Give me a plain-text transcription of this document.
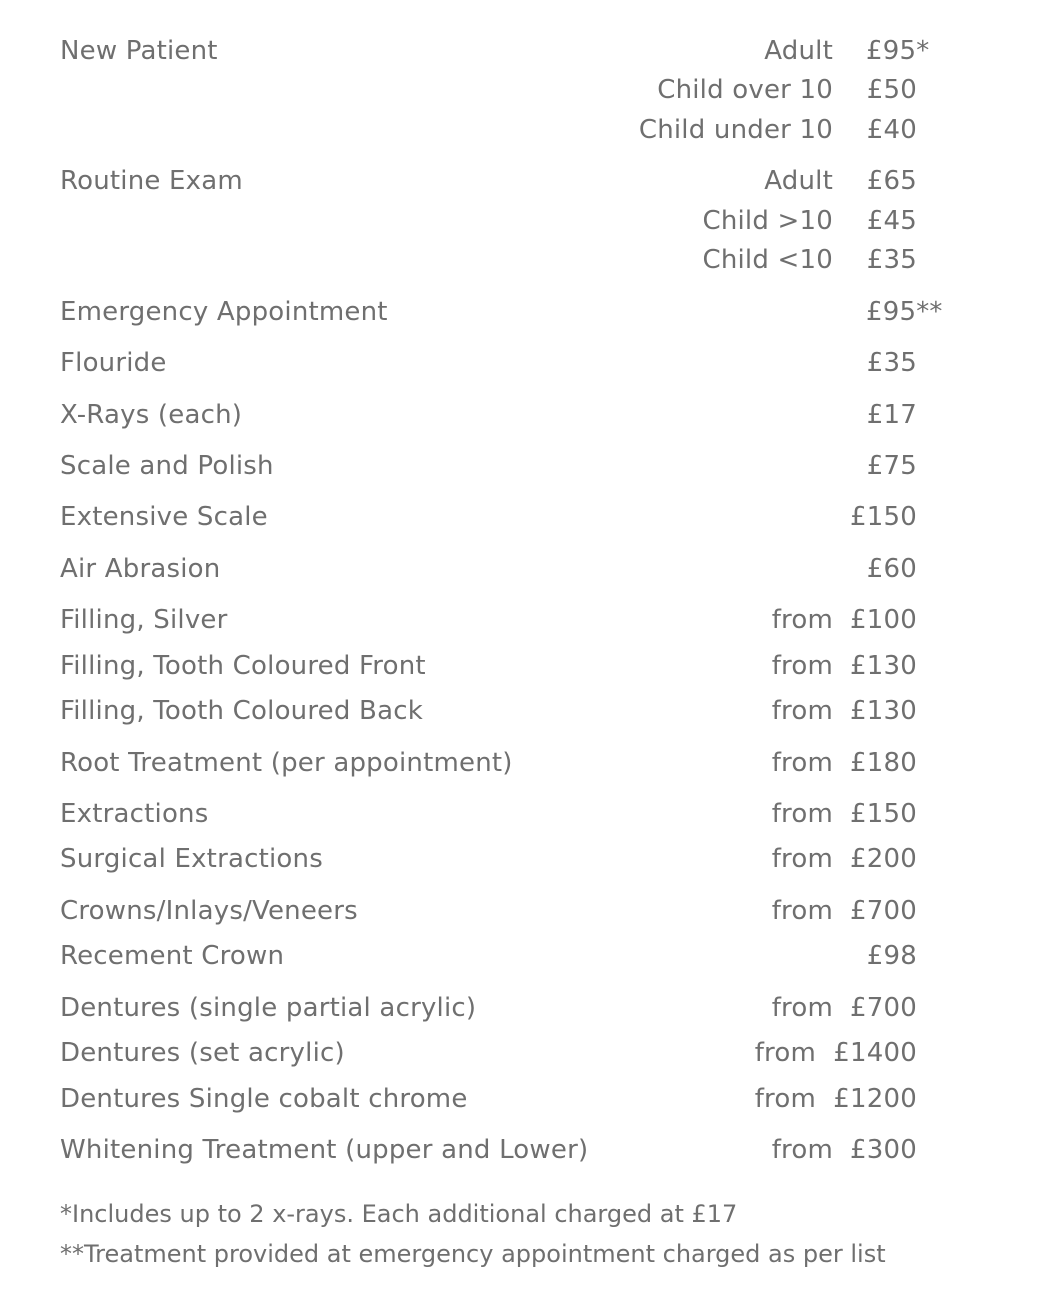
New Patient	Adult £95*
Child over 10 £50
Child under 10 £40
Routine Exam	Adult £65
Child >10 £45
Child <10 £35
Emergency Appointment	£95**
Flouride	£35
X-Rays (each)	£17
Scale and Polish	£75
Extensive Scale	£150
Air Abrasion	£60
Filling, Silver	from £100
Filling, Tooth Coloured Front	from £130
Filling, Tooth Coloured Back	from £130
Root Treatment (per appointment)	from £180
Extractions	from £150
Surgical Extractions	from £200
Crowns/Inlays/Veneers	from £700
Recement Crown	£98
Dentures (single partial acrylic)	from £700
Dentures (set acrylic)	from £1400
Dentures Single cobalt chrome	from £1200
Whitening Treatment (upper and Lower)	from £300
*Includes up to 2 x-rays. Each additional charged at £17
**Treatment provided at emergency appointment charged as per list
